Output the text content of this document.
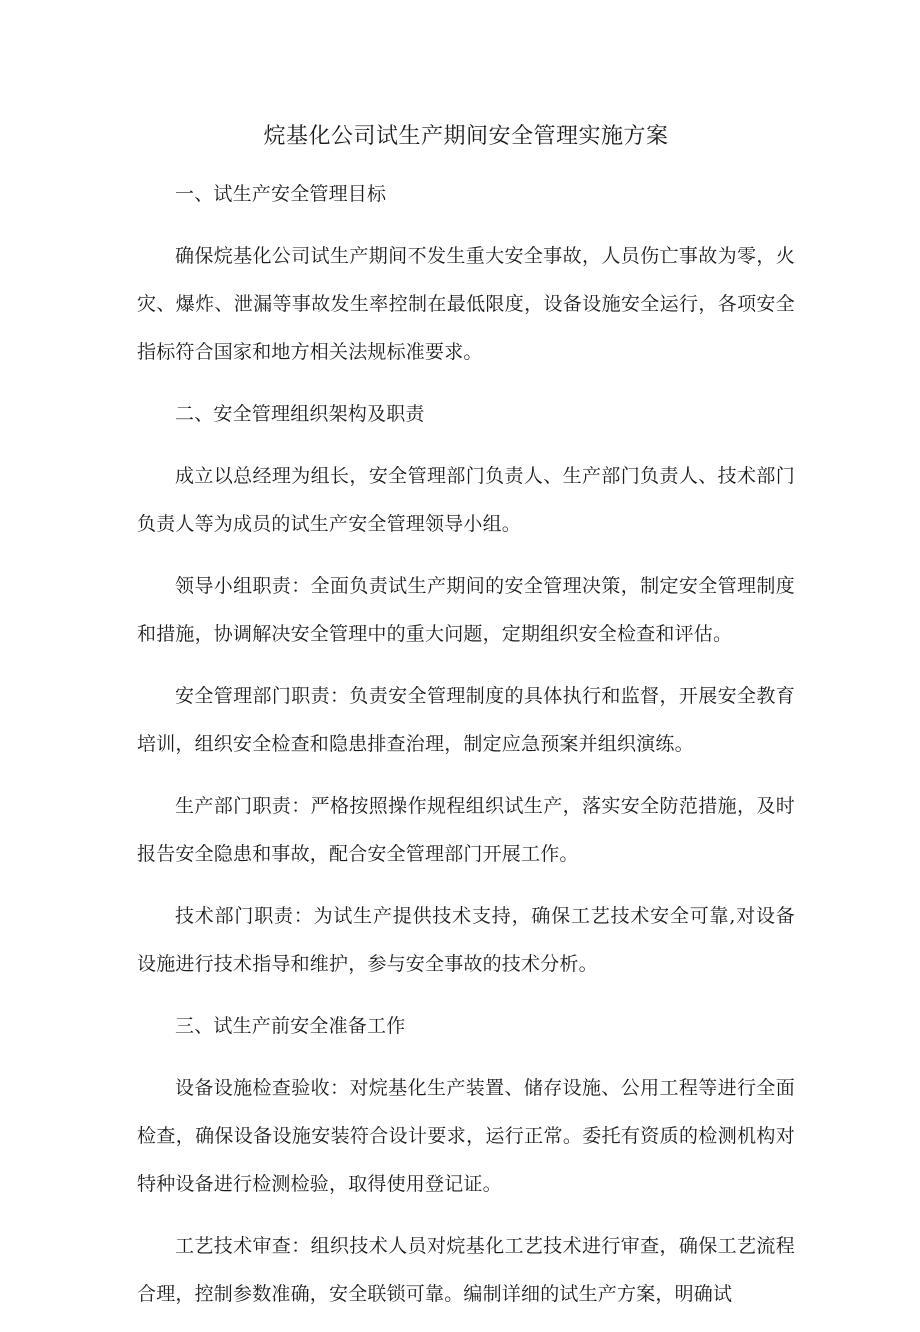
烷基化公司试生产期间安全管理实施方案

一、试生产安全管理目标

确保烷基化公司试生产期间不发生重大安全事故，人员伤亡事故为零，火灾、爆炸、泄漏等事故发生率控制在最低限度，设备设施安全运行，各项安全指标符合国家和地方相关法规标准要求。

二、安全管理组织架构及职责

成立以总经理为组长，安全管理部门负责人、生产部门负责人、技术部门负责人等为成员的试生产安全管理领导小组。

领导小组职责：全面负责试生产期间的安全管理决策，制定安全管理制度和措施，协调解决安全管理中的重大问题，定期组织安全检查和评估。

安全管理部门职责：负责安全管理制度的具体执行和监督，开展安全教育培训，组织安全检查和隐患排查治理，制定应急预案并组织演练。

生产部门职责：严格按照操作规程组织试生产，落实安全防范措施，及时报告安全隐患和事故，配合安全管理部门开展工作。

技术部门职责：为试生产提供技术支持，确保工艺技术安全可靠,对设备设施进行技术指导和维护，参与安全事故的技术分析。

三、试生产前安全准备工作

设备设施检查验收：对烷基化生产装置、储存设施、公用工程等进行全面检查，确保设备设施安装符合设计要求，运行正常。委托有资质的检测机构对特种设备进行检测检验，取得使用登记证。

工艺技术审查：组织技术人员对烷基化工艺技术进行审查，确保工艺流程合理，控制参数准确，安全联锁可靠。编制详细的试生产方案，明确试
